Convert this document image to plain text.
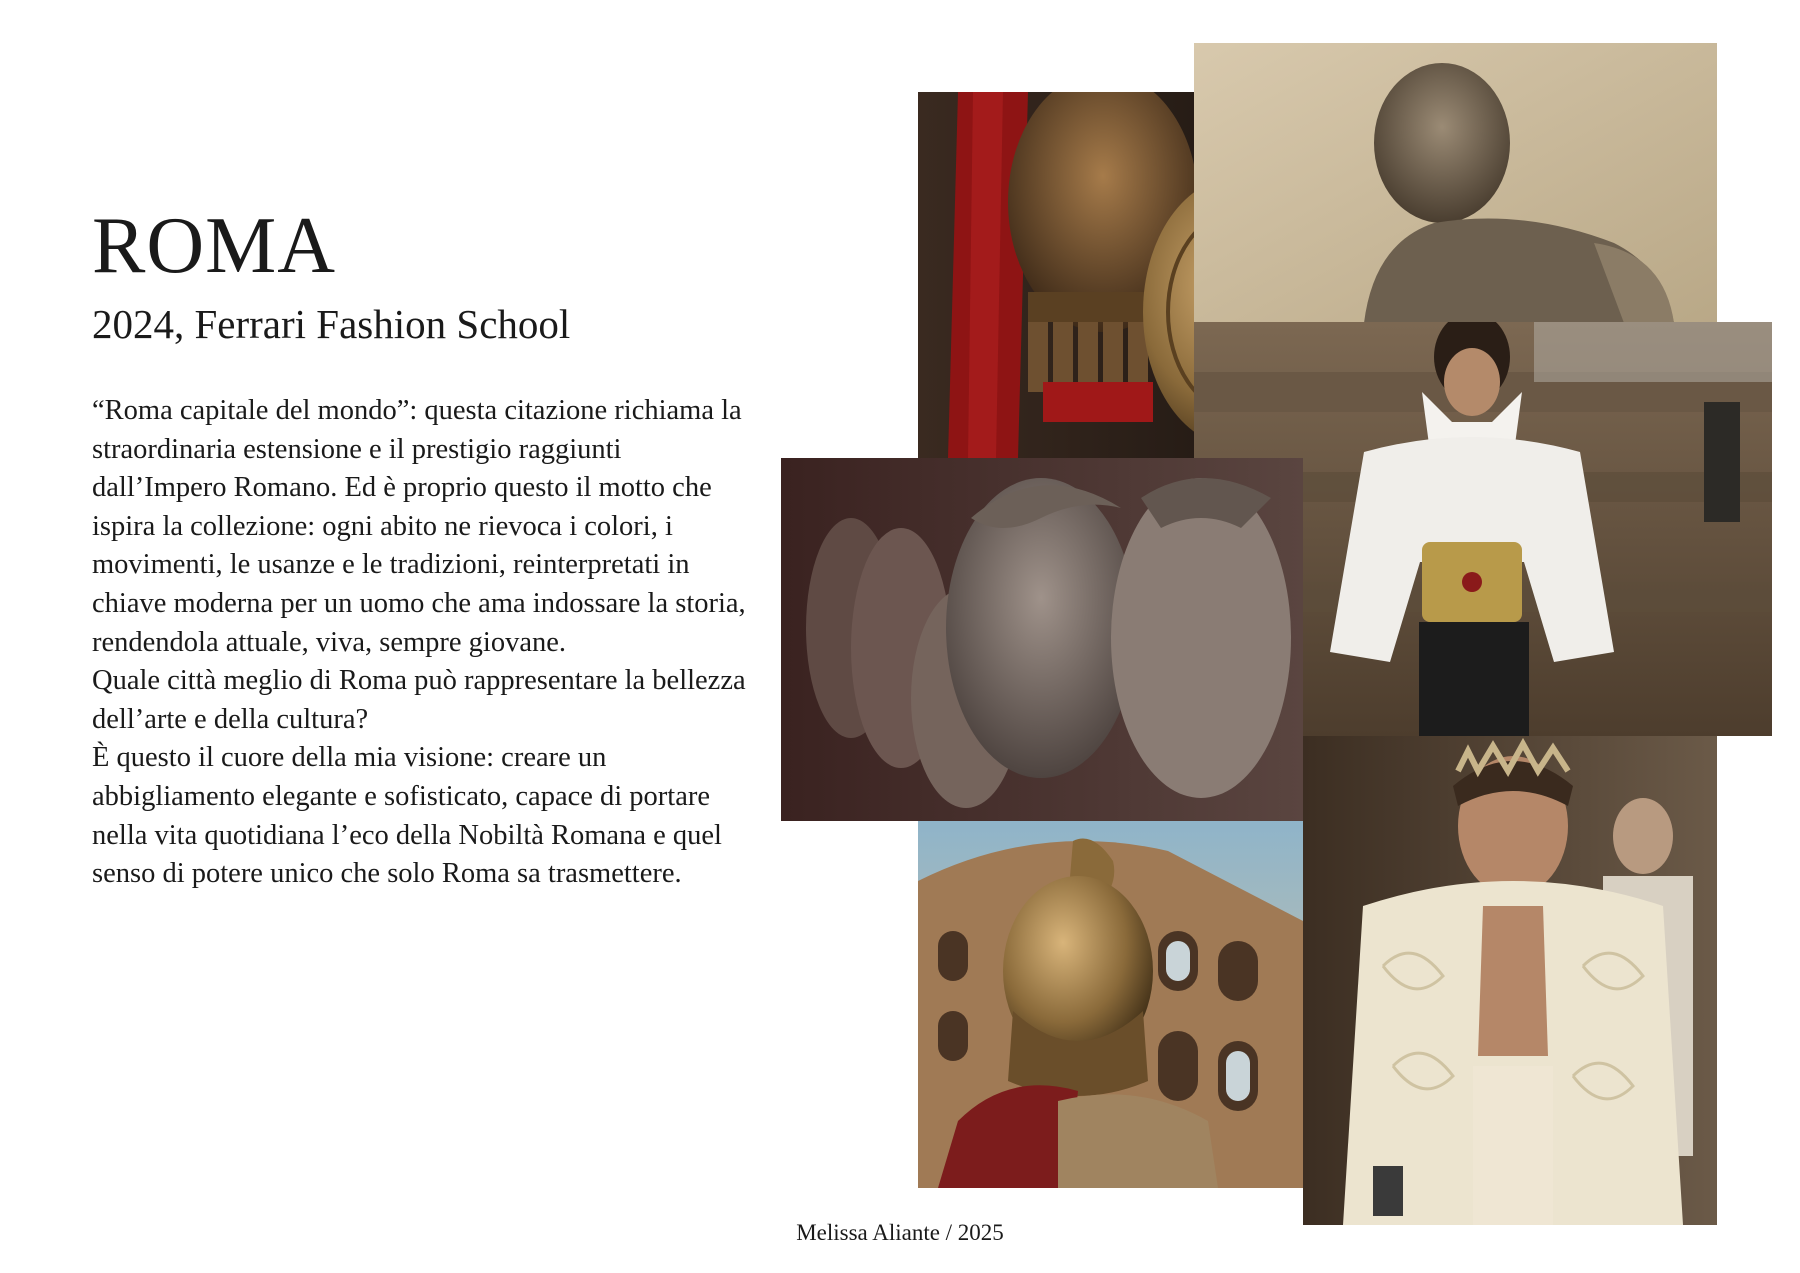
ROMA
2024, Ferrari Fashion School

“Roma capitale del mondo”: questa citazione richiama la straordinaria estensione e il prestigio raggiunti dall’Impero Romano. Ed è proprio questo il motto che ispira la collezione: ogni abito ne rievoca i colori, i movimenti, le usanze e le tradizioni, reinterpretati in chiave moderna per un uomo che ama indossare la storia, rendendola attuale, viva, sempre giovane.

Quale città meglio di Roma può rappresentare la bellezza dell’arte e della cultura?

È questo il cuore della mia visione: creare un abbigliamento elegante e sofisticato, capace di portare nella vita quotidiana l’eco della Nobiltà Romana e quel senso di potere unico che solo Roma sa trasmettere.

Melissa Aliante / 2025
